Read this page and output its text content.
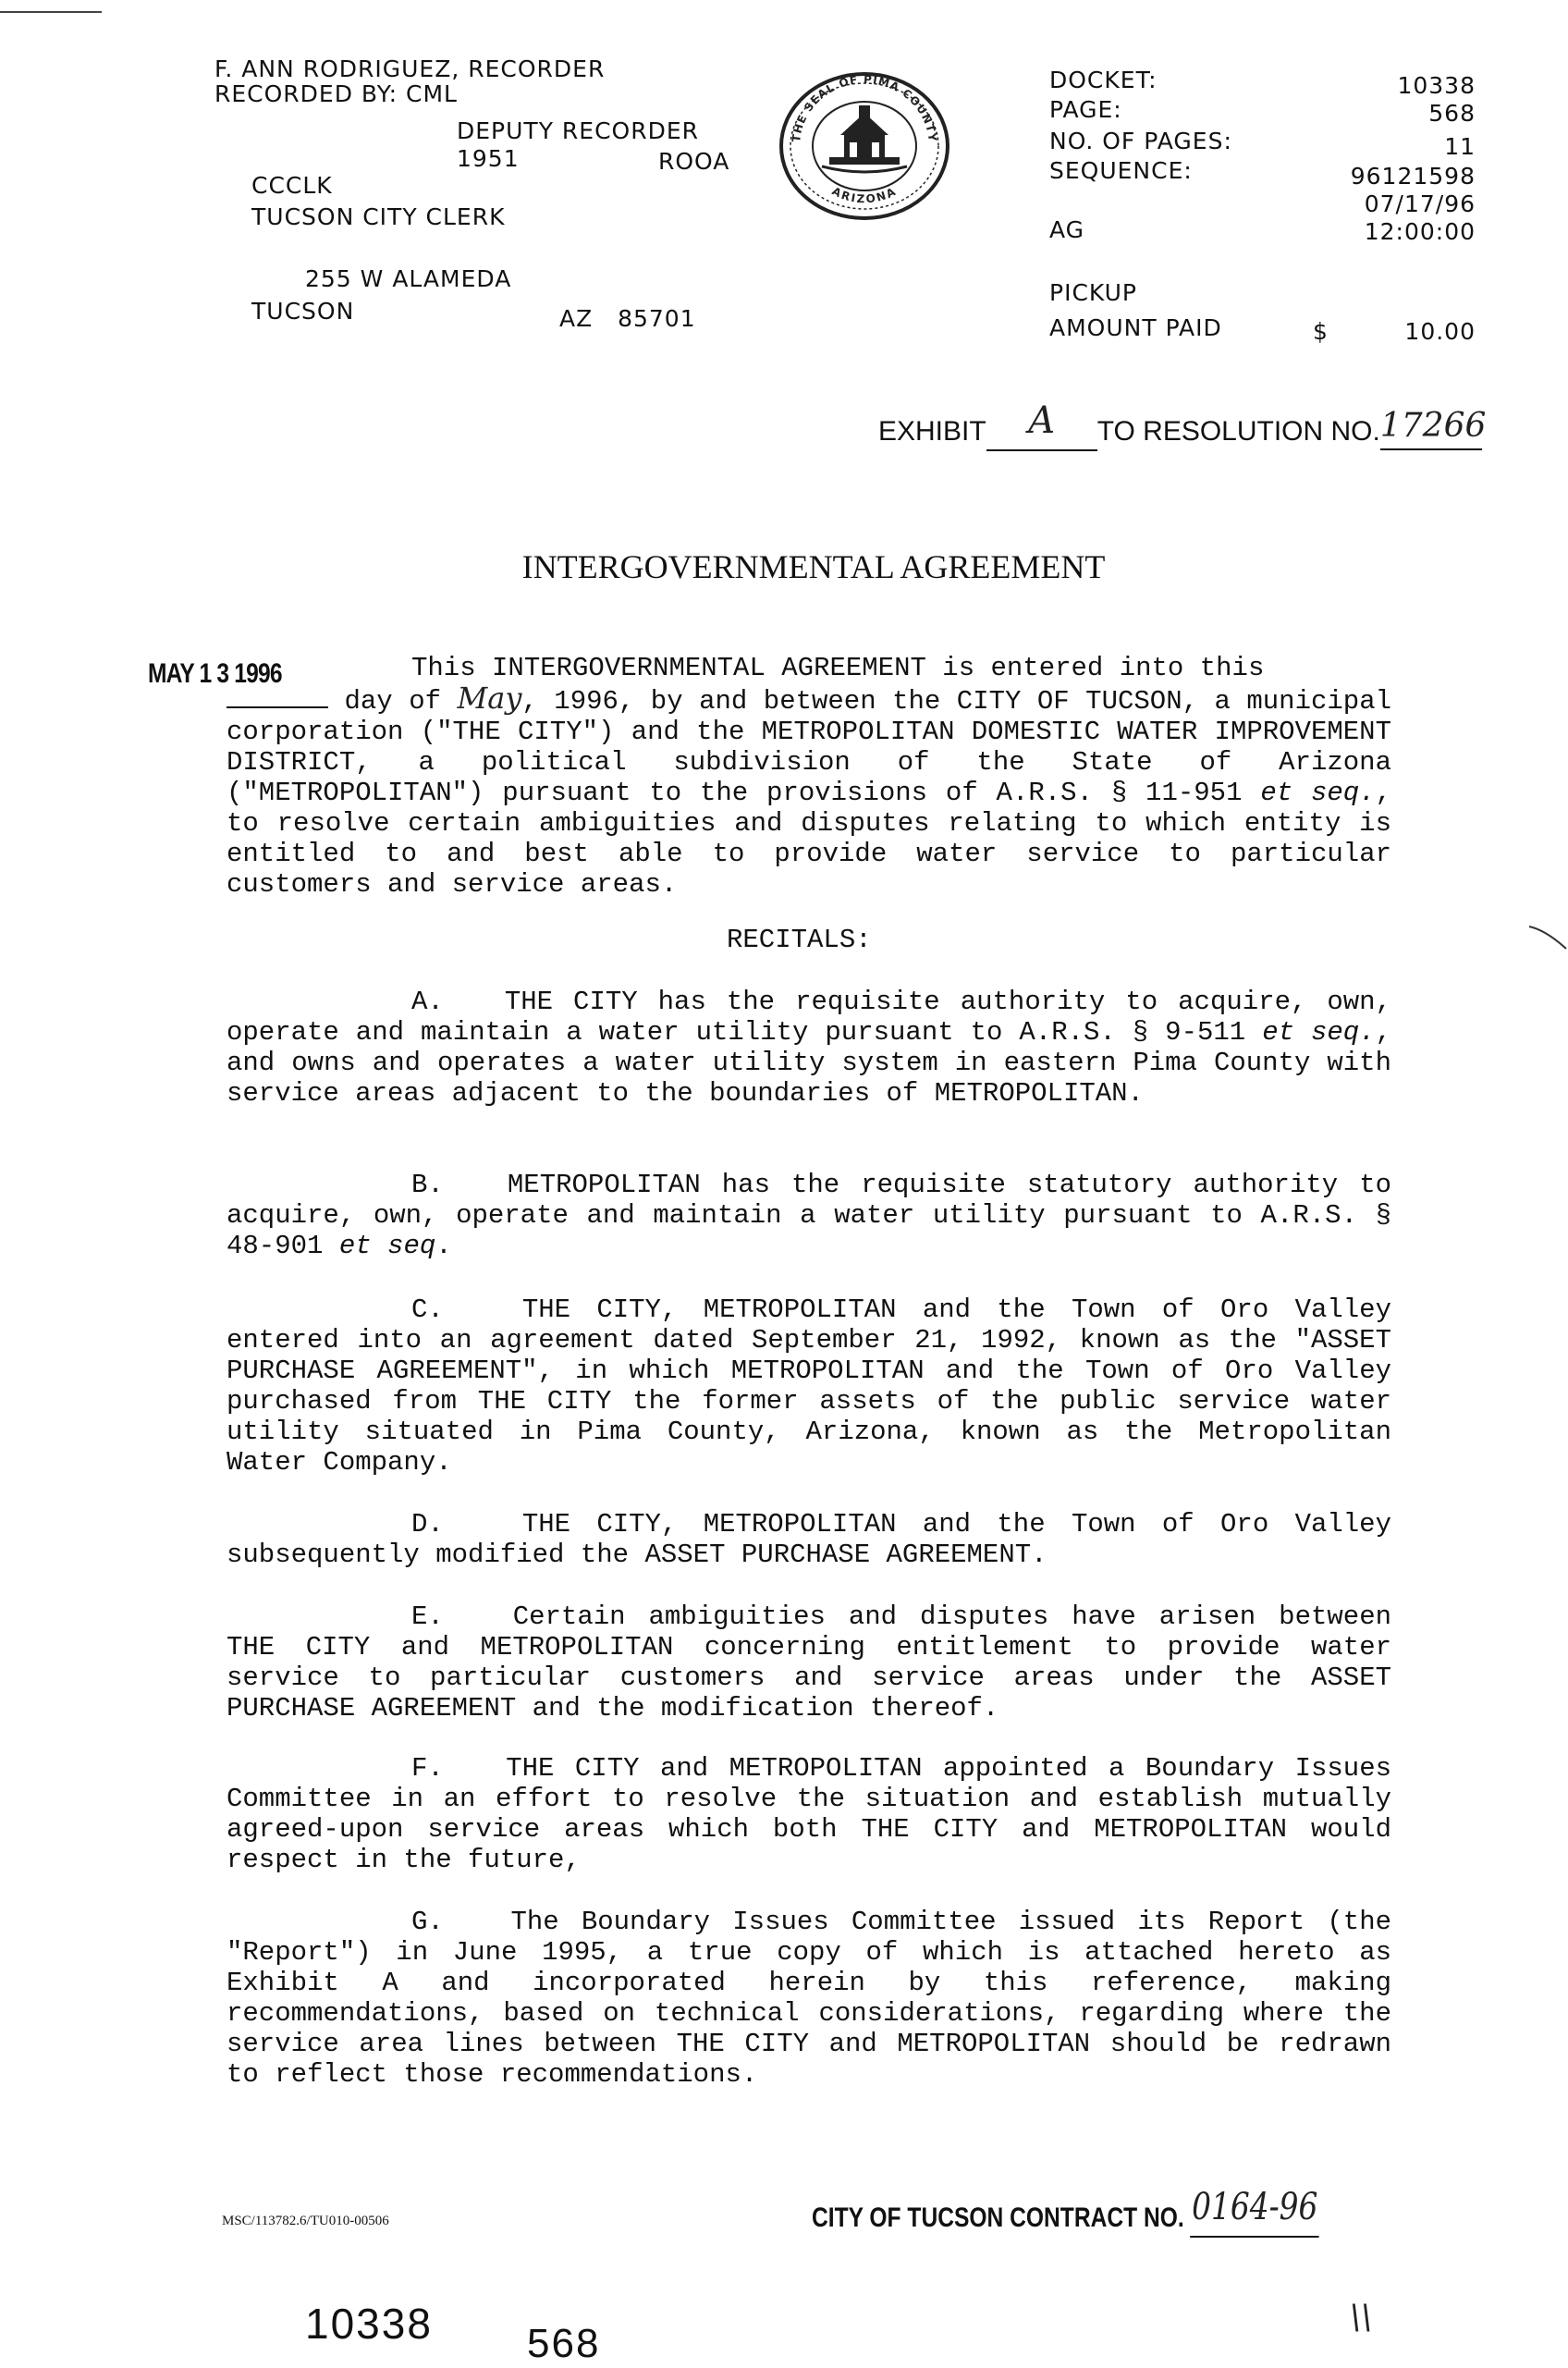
F. ANN RODRIGUEZ, RECORDER
RECORDED BY: CML
DEPUTY RECORDER
1951	ROOA
CCCLK
TUCSON CITY CLERK
255 W ALAMEDA
TUCSON	AZ   85701
THE SEAL OF PIMA COUNTY
ARIZONA
DOCKET:	10338
PAGE:	568
NO. OF PAGES:	11
SEQUENCE:	96121598
07/17/96
AG	12:00:00
PICKUP
AMOUNT PAID	$	10.00
EXHIBIT A TO RESOLUTION NO.17266
INTERGOVERNMENTAL AGREEMENT
MAY 1 3 1996	This INTERGOVERNMENTAL AGREEMENT is entered into this
day of May, 1996, by and between the CITY OF TUCSON, a municipal corporation ("THE CITY") and the METROPOLITAN DOMESTIC WATER IMPROVEMENT DISTRICT, a political subdivision of the State of Arizona ("METROPOLITAN") pursuant to the provisions of A.R.S. § 11-951 et seq., to resolve certain ambiguities and disputes relating to which entity is entitled to and best able to provide water service to particular customers and service areas.

RECITALS:

A. THE CITY has the requisite authority to acquire, own, operate and maintain a water utility pursuant to A.R.S. § 9-511 et seq., and owns and operates a water utility system in eastern Pima County with service areas adjacent to the boundaries of METROPOLITAN.

B. METROPOLITAN has the requisite statutory authority to acquire, own, operate and maintain a water utility pursuant to A.R.S. § 48-901 et seq.

C.	THE CITY, METROPOLITAN and the Town of Oro Valley entered into an agreement dated September 21, 1992, known as the "ASSET PURCHASE AGREEMENT", in which METROPOLITAN and the Town of Oro Valley purchased from THE CITY the former assets of the public service water utility situated in Pima County, Arizona, known as the Metropolitan Water Company.

D.	THE CITY, METROPOLITAN and the Town of Oro Valley subsequently modified the ASSET PURCHASE AGREEMENT.

E.	Certain ambiguities and disputes have arisen between THE CITY and METROPOLITAN concerning entitlement to provide water service to particular customers and service areas under the ASSET PURCHASE AGREEMENT and the modification thereof.

F. THE CITY and METROPOLITAN appointed a Boundary Issues Committee in an effort to resolve the situation and establish mutually agreed-upon service areas which both THE CITY and METROPOLITAN would respect in the future,

G.	The Boundary Issues Committee issued its Report (the "Report") in June 1995, a true copy of which is attached hereto as Exhibit A and incorporated herein by this reference, making recommendations, based on technical considerations, regarding where the service area lines between THE CITY and METROPOLITAN should be redrawn to reflect those recommendations.

MSC/113782.6/TU010-00506	CITY OF TUCSON CONTRACT NO. 0164-96
10338 568
\\
